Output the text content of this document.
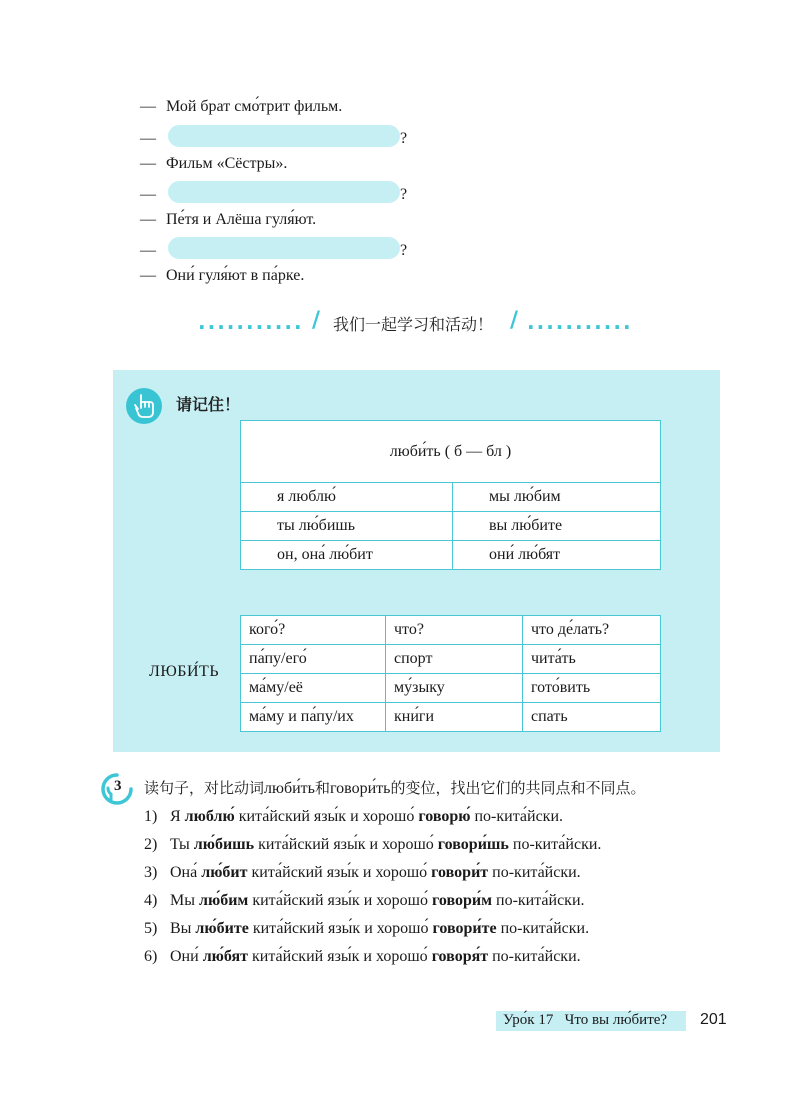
— Мой брат смо́трит фильм.
—	?
— Фильм «Сёстры».
—	?
— Пе́тя и Алёша гуля́ют.
—	?
— Они́ гуля́ют в па́рке.
........... / 我们一起学习和活动！ / ...........
请记住！
люби́ть ( б — бл )	
я люблю́	мы лю́бим
ты лю́бишь	вы лю́бите
он, она́ лю́бит	они́ лю́бят
ЛЮБИ́ТЬ
кого́?	что?	что де́лать?
па́пу/его́	спорт	чита́ть
ма́му/её	му́зыку	гото́вить
ма́му и па́пу/их	кни́ги	спать
3 读句子，对比动词люби́ть和говори́ть的变位，找出它们的共同点和不同点。
1) Я люблю́ кита́йский язы́к и хорошо́ говорю́ по-кита́йски.
2) Ты лю́бишь кита́йский язы́к и хорошо́ говори́шь по-кита́йски.
3) Она́ лю́бит кита́йский язы́к и хорошо́ говори́т по-кита́йски.
4) Мы лю́бим кита́йский язы́к и хорошо́ говори́м по-кита́йски.
5) Вы лю́бите кита́йский язы́к и хорошо́ говори́те по-кита́йски.
6) Они́ лю́бят кита́йский язы́к и хорошо́ говоря́т по-кита́йски.
Уро́к 17 Что вы лю́бите? 201
